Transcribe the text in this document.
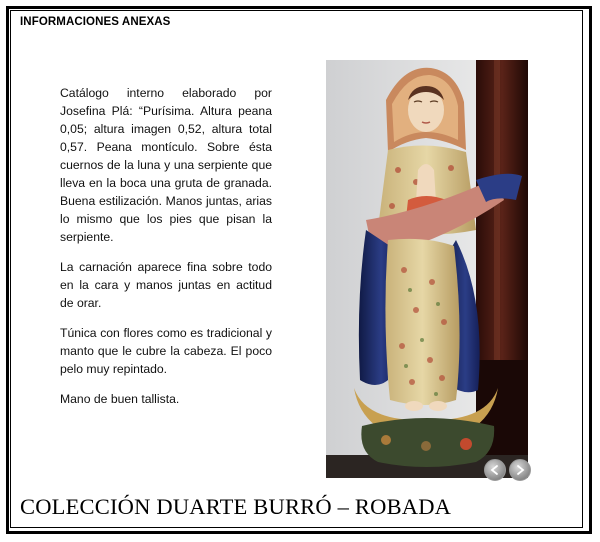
INFORMACIONES ANEXAS

Catálogo interno elaborado por Josefina Plá: “Purísima. Altura peana 0,05; altura imagen 0,52, altura total 0,57. Peana montículo. Sobre ésta cuernos de la luna y una serpiente que lleva en la boca una gruta de granada. Buena estilización. Manos juntas, arias lo mismo que los pies que pisan la serpiente.

La carnación aparece fina sobre todo en la cara y manos juntas en actitud de orar.

Túnica con flores como es tradicional y manto que le cubre la cabeza. El poco pelo muy repintado.

Mano de buen tallista.

COLECCIÓN DUARTE BURRÓ – ROBADA
